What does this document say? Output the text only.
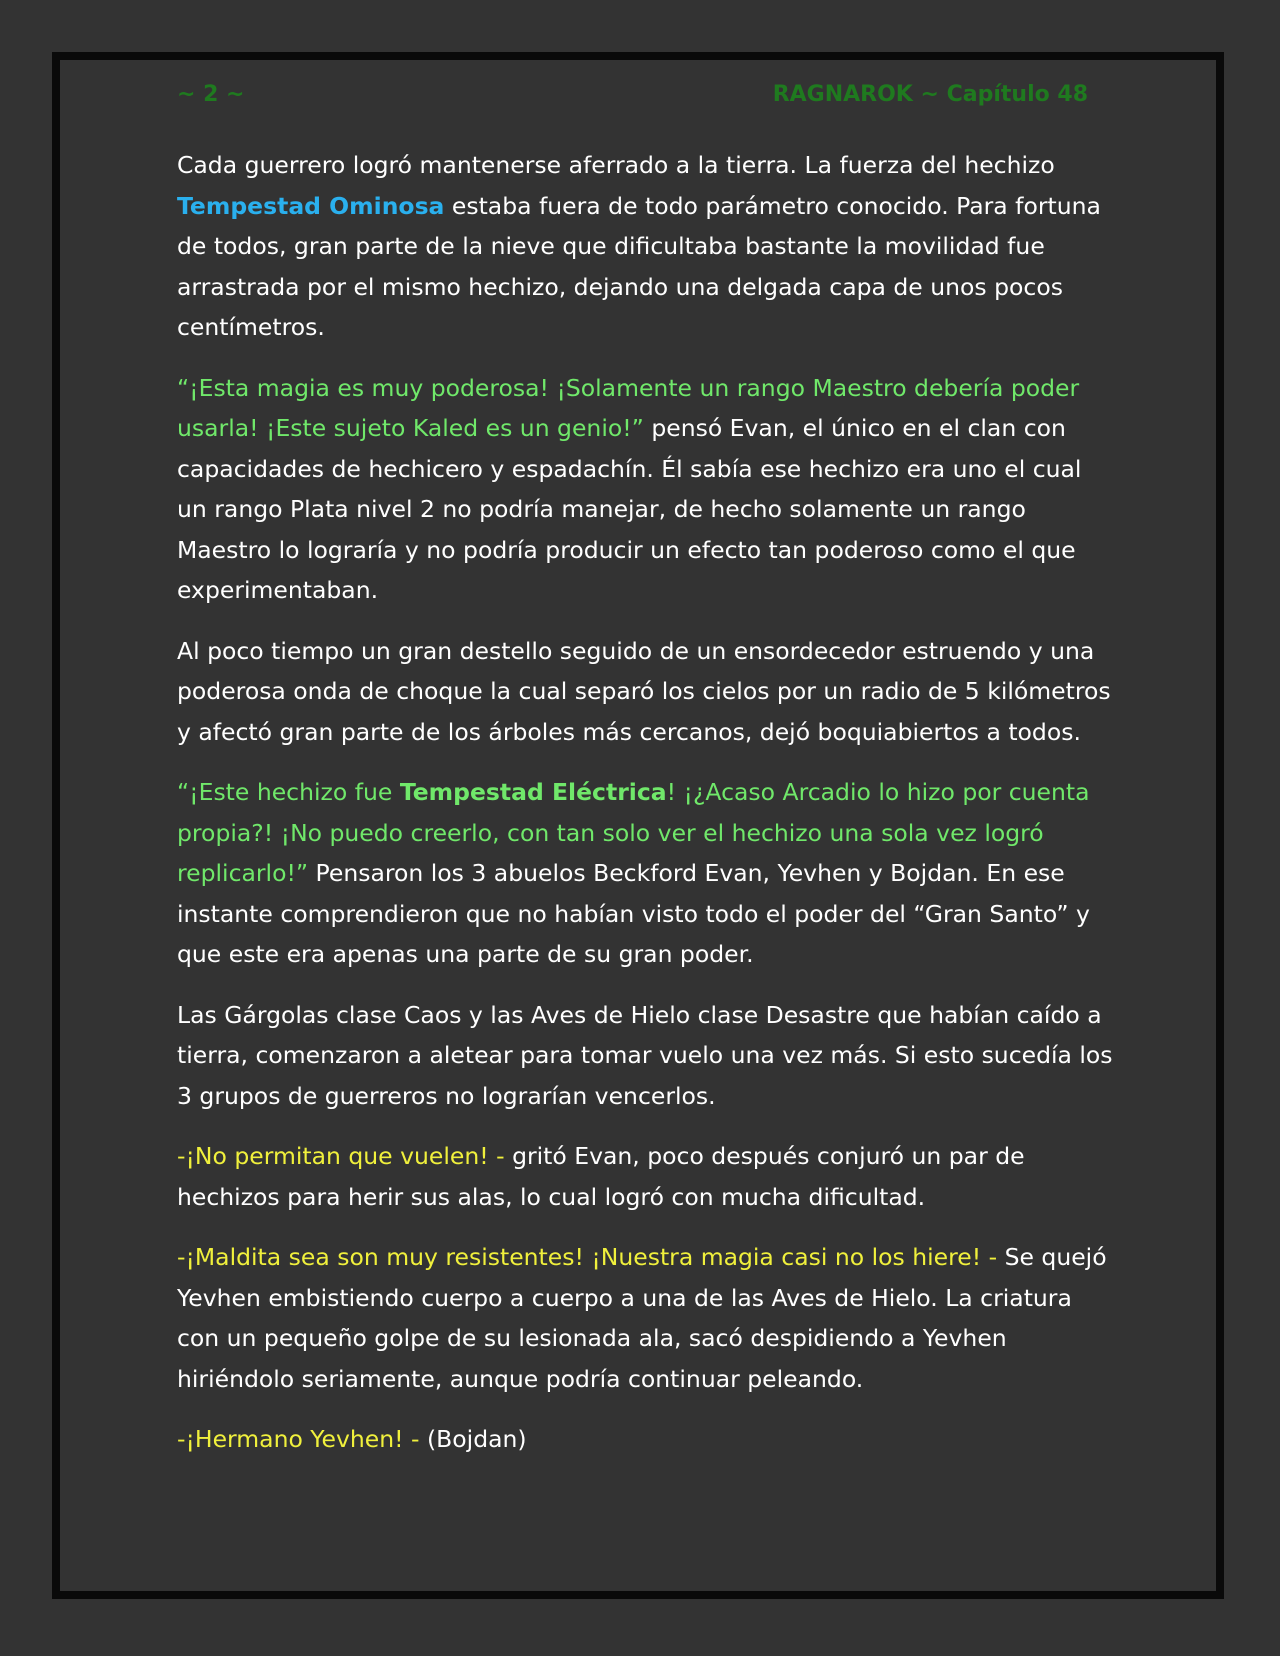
~ 2 ~	RAGNAROK ~ Capítulo 48

Cada guerrero logró mantenerse aferrado a la tierra. La fuerza del hechizo Tempestad Ominosa estaba fuera de todo parámetro conocido. Para fortuna de todos, gran parte de la nieve que dificultaba bastante la movilidad fue arrastrada por el mismo hechizo, dejando una delgada capa de unos pocos centímetros.

“¡Esta magia es muy poderosa! ¡Solamente un rango Maestro debería poder usarla! ¡Este sujeto Kaled es un genio!” pensó Evan, el único en el clan con capacidades de hechicero y espadachín. Él sabía ese hechizo era uno el cual un rango Plata nivel 2 no podría manejar, de hecho solamente un rango Maestro lo lograría y no podría producir un efecto tan poderoso como el que experimentaban.

Al poco tiempo un gran destello seguido de un ensordecedor estruendo y una poderosa onda de choque la cual separó los cielos por un radio de 5 kilómetros y afectó gran parte de los árboles más cercanos, dejó boquiabiertos a todos.

“¡Este hechizo fue Tempestad Eléctrica! ¡¿Acaso Arcadio lo hizo por cuenta propia?! ¡No puedo creerlo, con tan solo ver el hechizo una sola vez logró replicarlo!” Pensaron los 3 abuelos Beckford Evan, Yevhen y Bojdan. En ese instante comprendieron que no habían visto todo el poder del “Gran Santo” y que este era apenas una parte de su gran poder.

Las Gárgolas clase Caos y las Aves de Hielo clase Desastre que habían caído a tierra, comenzaron a aletear para tomar vuelo una vez más. Si esto sucedía los 3 grupos de guerreros no lograrían vencerlos.

-¡No permitan que vuelen! - gritó Evan, poco después conjuró un par de hechizos para herir sus alas, lo cual logró con mucha dificultad.

-¡Maldita sea son muy resistentes! ¡Nuestra magia casi no los hiere! - Se quejó Yevhen embistiendo cuerpo a cuerpo a una de las Aves de Hielo. La criatura con un pequeño golpe de su lesionada ala, sacó despidiendo a Yevhen hiriéndolo seriamente, aunque podría continuar peleando.

-¡Hermano Yevhen! - (Bojdan)
